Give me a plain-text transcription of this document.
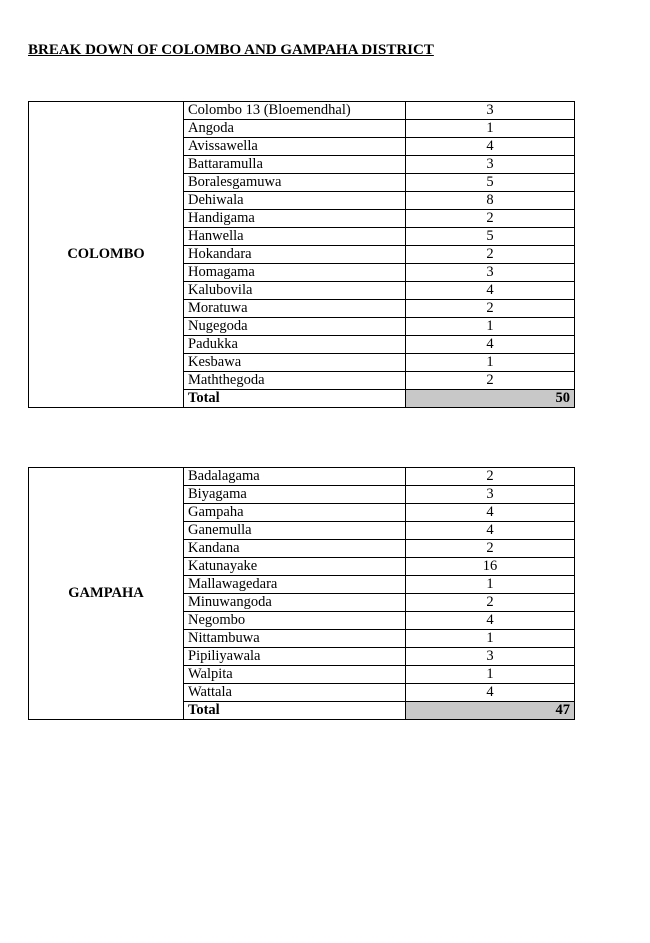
BREAK DOWN OF COLOMBO AND GAMPAHA DISTRICT
COLOMBO	Colombo 13 (Bloemendhal)	3
	Angoda	1
	Avissawella	4
	Battaramulla	3
	Boralesgamuwa	5
	Dehiwala	8
	Handigama	2
	Hanwella	5
	Hokandara	2
	Homagama	3
	Kalubovila	4
	Moratuwa	2
	Nugegoda	1
	Padukka	4
	Kesbawa	1
	Maththegoda	2
	Total	50
GAMPAHA	Badalagama	2
	Biyagama	3
	Gampaha	4
	Ganemulla	4
	Kandana	2
	Katunayake	16
	Mallawagedara	1
	Minuwangoda	2
	Negombo	4
	Nittambuwa	1
	Pipiliyawala	3
	Walpita	1
	Wattala	4
	Total	47
